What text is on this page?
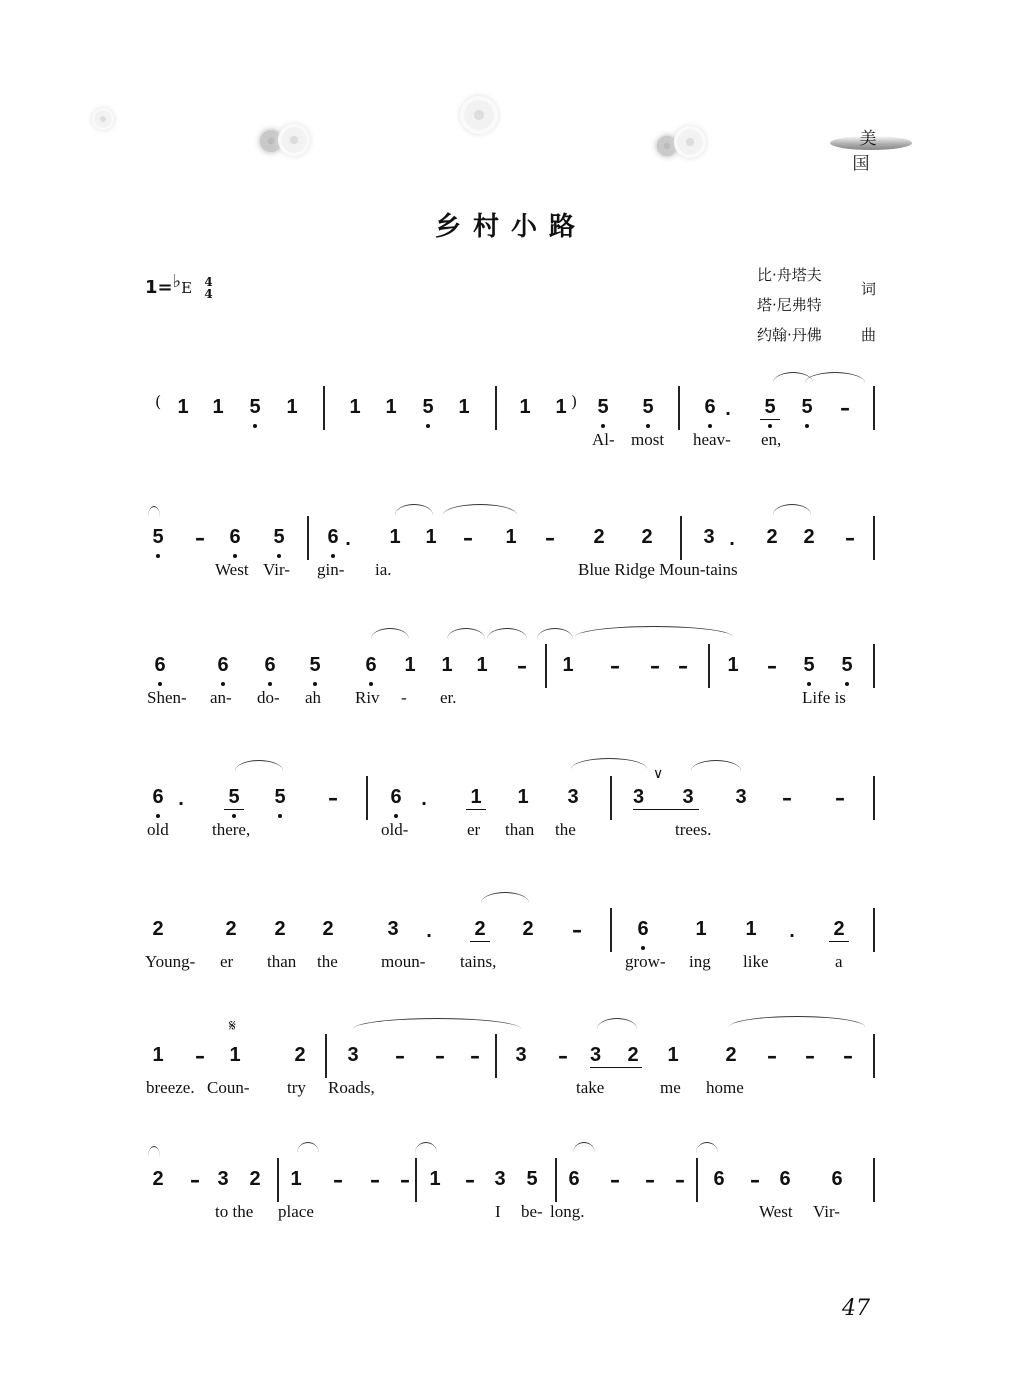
美国
乡村小路
1=♭E 4
4
比·舟塔夫
塔·尼弗特
约翰·丹佛
词
曲
( 1 1 5 1	1 1 5 1 1 1 ) 5 5	6 · 5 5 –
Al- most heav- en,
5 – 6 5 6 · 1 1 – 1 – 2 2	3 · 2 2 –
West Vir- gin- ia.	Blue Ridge Moun-tains
6	6 6 5 6 1 1 1 – 1 – – – 1 – 5 5
Shen- an- do- ah Riv - er.	Life is
6 · 5 5 –	6 · 1 1 3	3
∨
3 3 – –
old	there,	old-	er than the	trees.
2	2 2 2	3 · 2 2 –	6 1 1 · 2
Young- er than the	moun- tains,	grow- ing like	a
𝄋
1 – 1	2 3 – – – 3 – 3	2 1 2 – – –
breeze. Coun- try Roads,	take	me home
2 – 3 2 1 – – – 1 – 3 5 6 – – – 6 – 6 6
to the place	I be- long.	West Vir-
47
